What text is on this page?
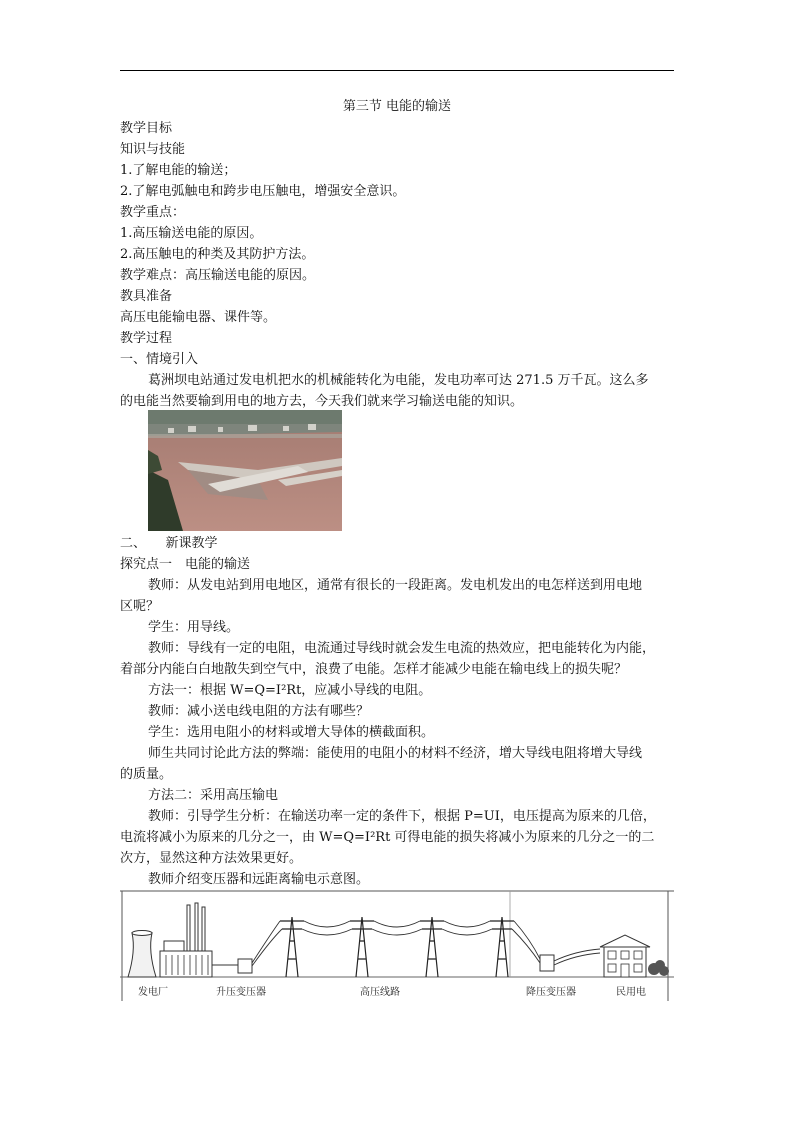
第三节 电能的输送
教学目标
知识与技能
1.了解电能的输送；
2.了解电弧触电和跨步电压触电，增强安全意识。
教学重点：
1.高压输送电能的原因。
2.高压触电的种类及其防护方法。
教学难点：高压输送电能的原因。
教具准备
高压电能输电器、课件等。
教学过程
一、情境引入
葛洲坝电站通过发电机把水的机械能转化为电能，发电功率可达 271.5 万千瓦。这么多
的电能当然要输到用电的地方去，今天我们就来学习输送电能的知识。
二、　　新课教学
探究点一　电能的输送
教师：从发电站到用电地区，通常有很长的一段距离。发电机发出的电怎样送到用电地
区呢？
学生：用导线。
教师：导线有一定的电阻，电流通过导线时就会发生电流的热效应，把电能转化为内能，
着部分内能白白地散失到空气中，浪费了电能。怎样才能减少电能在输电线上的损失呢？
方法一：根据 W=Q=I²Rt，应减小导线的电阻。
教师：减小送电线电阻的方法有哪些？
学生：选用电阻小的材料或增大导体的横截面积。
师生共同讨论此方法的弊端：能使用的电阻小的材料不经济，增大导线电阻将增大导线
的质量。
方法二：采用高压输电
教师：引导学生分析：在输送功率一定的条件下，根据 P=UI，电压提高为原来的几倍，
电流将减小为原来的几分之一，由 W=Q=I²Rt 可得电能的损失将减小为原来的几分之一的二
次方，显然这种方法效果更好。
教师介绍变压器和远距离输电示意图。
发电厂	升压变压器	高压线路	降压变压器	民用电
